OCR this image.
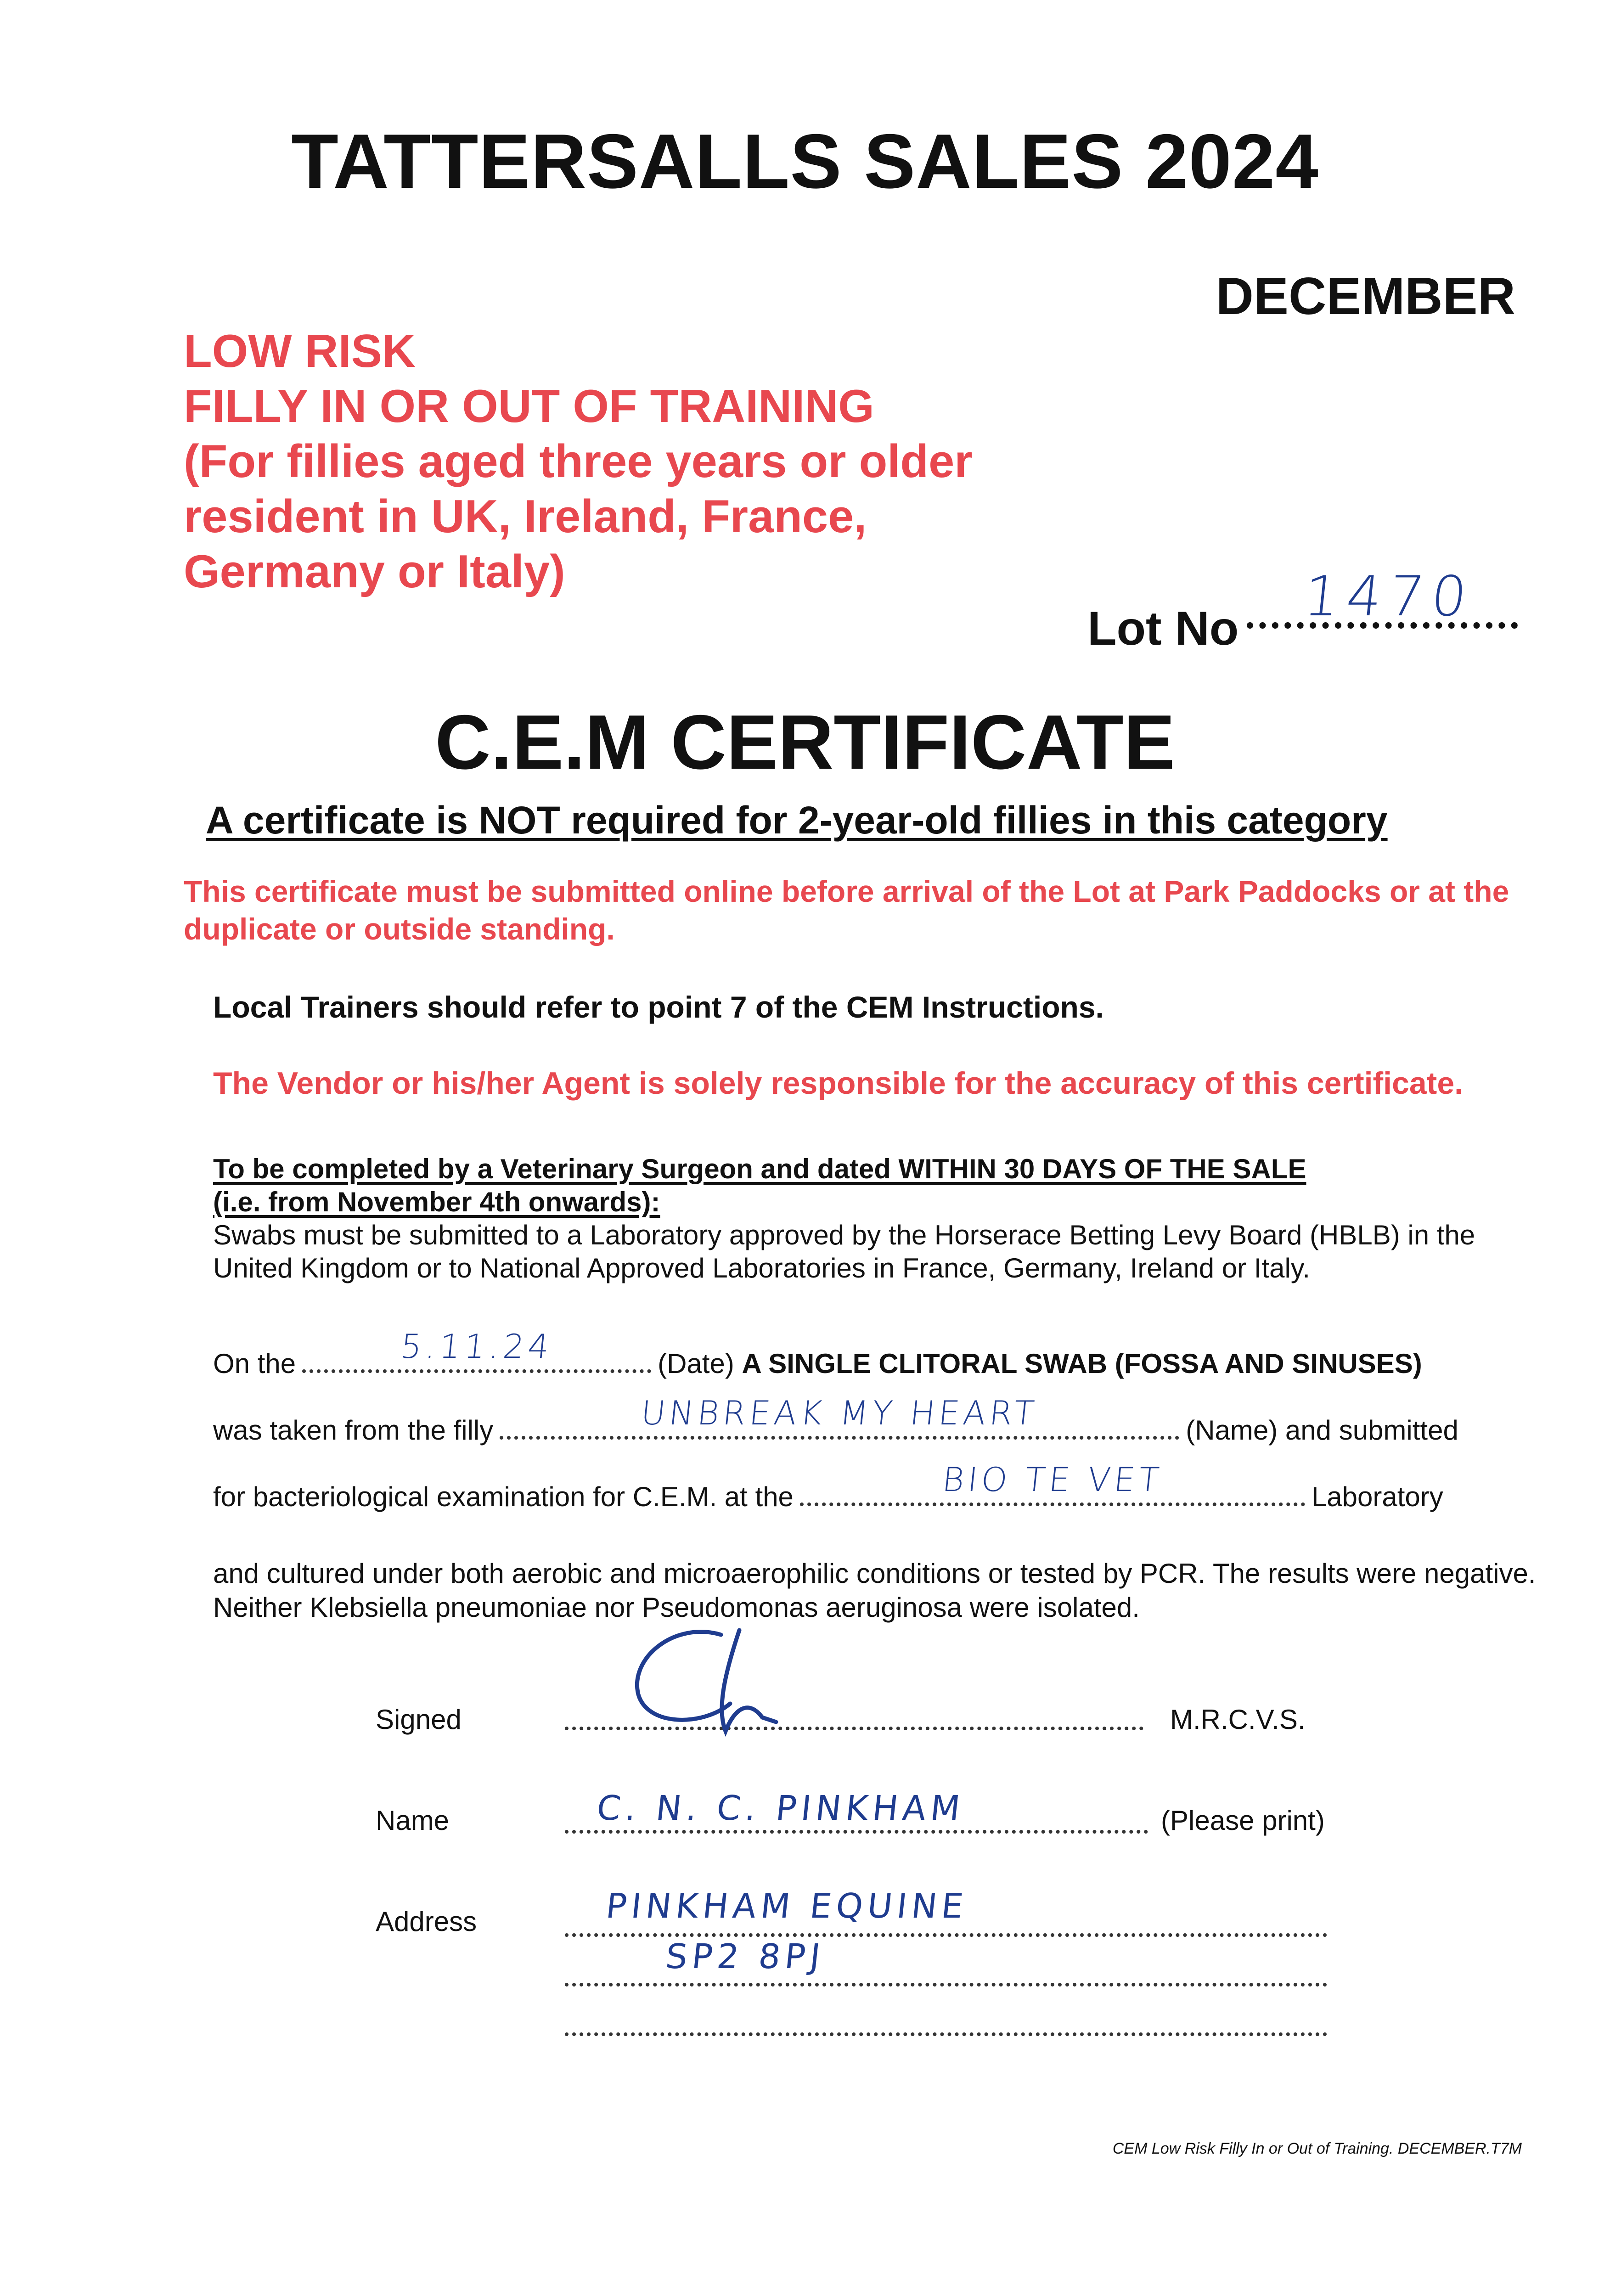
TATTERSALLS SALES 2024
DECEMBER
LOW RISK
FILLY IN OR OUT OF TRAINING
(For fillies aged three years or older
resident in UK, Ireland, France,
Germany or Italy)
Lot No 1470
C.E.M CERTIFICATE
A certificate is NOT required for 2-year-old fillies in this category
This certificate must be submitted online before arrival of the Lot at Park Paddocks or at the duplicate or outside standing.
Local Trainers should refer to point 7 of the CEM Instructions.
The Vendor or his/her Agent is solely responsible for the accuracy of this certificate.
To be completed by a Veterinary Surgeon and dated WITHIN 30 DAYS OF THE SALE
(i.e. from November 4th onwards):
Swabs must be submitted to a Laboratory approved by the Horserace Betting Levy Board (HBLB) in the United Kingdom or to National Approved Laboratories in France, Germany, Ireland or Italy.
On the	5.11.24	(Date) A SINGLE CLITORAL SWAB (FOSSA AND SINUSES)
was taken from the filly	UNBREAK MY HEART	(Name) and submitted
for bacteriological examination for C.E.M. at the	BIO TE VET	Laboratory
and cultured under both aerobic and microaerophilic conditions or tested by PCR. The results were negative. Neither Klebsiella pneumoniae nor Pseudomonas aeruginosa were isolated.
Signed	M.R.C.V.S.
Name	C. N. C. PINKHAM	(Please print)
Address	PINKHAM EQUINE
SP2 8PJ
CEM Low Risk Filly In or Out of Training. DECEMBER.T7M
